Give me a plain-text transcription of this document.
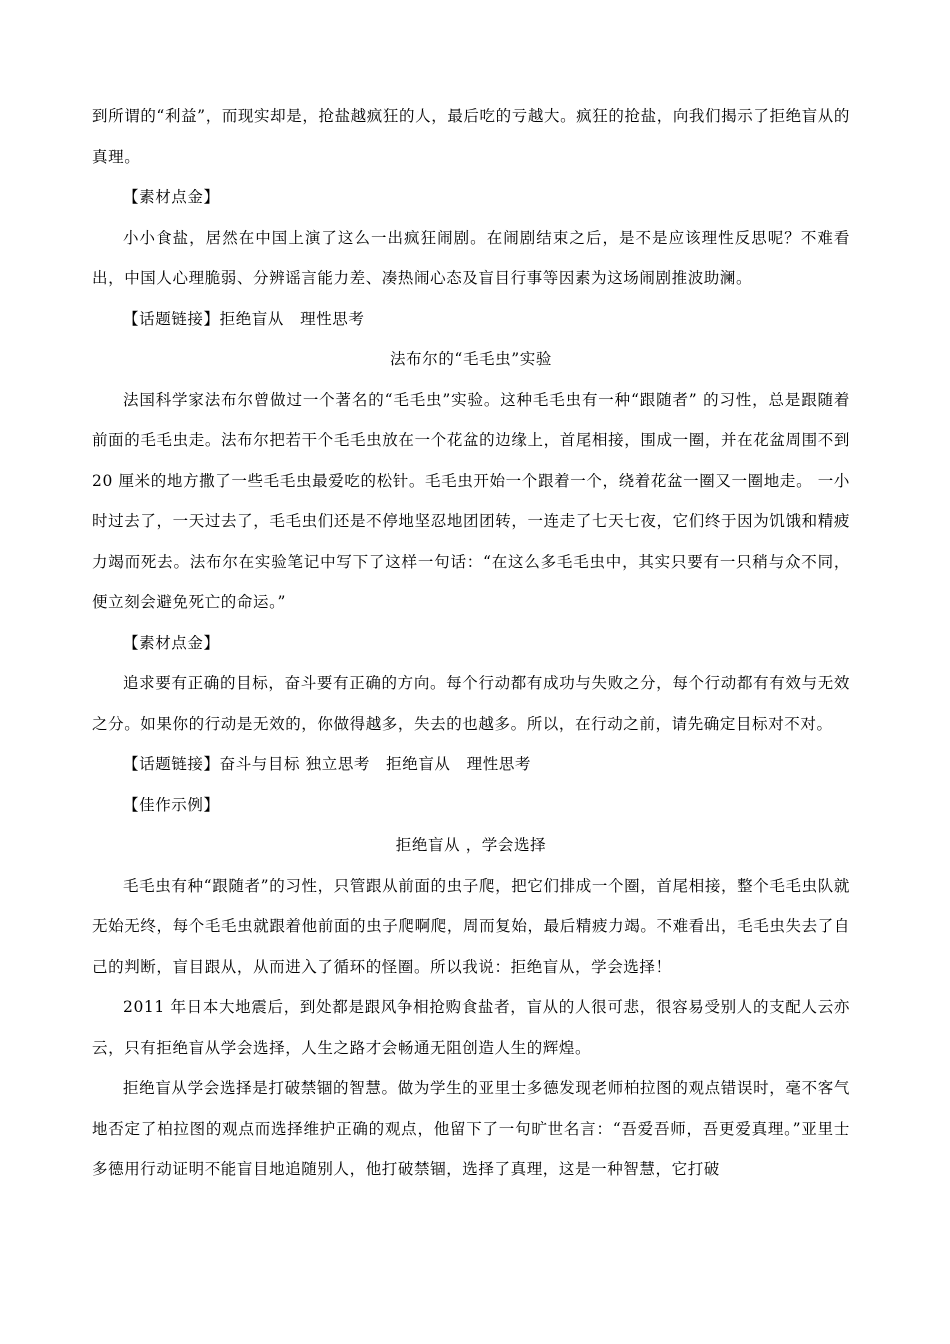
到所谓的“利益”，而现实却是，抢盐越疯狂的人，最后吃的亏越大。疯狂的抢盐，向我们揭示了拒绝盲从的真理。

【素材点金】

小小食盐，居然在中国上演了这么一出疯狂闹剧。在闹剧结束之后，是不是应该理性反思呢？不难看出，中国人心理脆弱、分辨谣言能力差、凑热闹心态及盲目行事等因素为这场闹剧推波助澜。

【话题链接】拒绝盲从　理性思考

法布尔的“毛毛虫”实验

法国科学家法布尔曾做过一个著名的“毛毛虫”实验。这种毛毛虫有一种“跟随者” 的习性，总是跟随着前面的毛毛虫走。法布尔把若干个毛毛虫放在一个花盆的边缘上，首尾相接，围成一圈，并在花盆周围不到 20 厘米的地方撒了一些毛毛虫最爱吃的松针。毛毛虫开始一个跟着一个，绕着花盆一圈又一圈地走。 一小时过去了，一天过去了，毛毛虫们还是不停地坚忍地团团转，一连走了七天七夜，它们终于因为饥饿和精疲力竭而死去。法布尔在实验笔记中写下了这样一句话：“在这么多毛毛虫中，其实只要有一只稍与众不同，便立刻会避免死亡的命运。”

【素材点金】

追求要有正确的目标，奋斗要有正确的方向。每个行动都有成功与失败之分，每个行动都有有效与无效之分。如果你的行动是无效的，你做得越多，失去的也越多。所以，在行动之前，请先确定目标对不对。

【话题链接】奋斗与目标 独立思考　拒绝盲从　理性思考

【佳作示例】

拒绝盲从 ，学会选择

毛毛虫有种“跟随者”的习性，只管跟从前面的虫子爬，把它们排成一个圈，首尾相接，整个毛毛虫队就无始无终，每个毛毛虫就跟着他前面的虫子爬啊爬，周而复始，最后精疲力竭。不难看出，毛毛虫失去了自己的判断，盲目跟从，从而进入了循环的怪圈。所以我说：拒绝盲从，学会选择！

2011 年日本大地震后，到处都是跟风争相抢购食盐者，盲从的人很可悲，很容易受别人的支配人云亦云，只有拒绝盲从学会选择，人生之路才会畅通无阻创造人生的辉煌。

拒绝盲从学会选择是打破禁锢的智慧。做为学生的亚里士多德发现老师柏拉图的观点错误时，毫不客气地否定了柏拉图的观点而选择维护正确的观点，他留下了一句旷世名言：“吾爱吾师，吾更爱真理。”亚里士多德用行动证明不能盲目地追随别人，他打破禁锢，选择了真理，这是一种智慧，它打破
